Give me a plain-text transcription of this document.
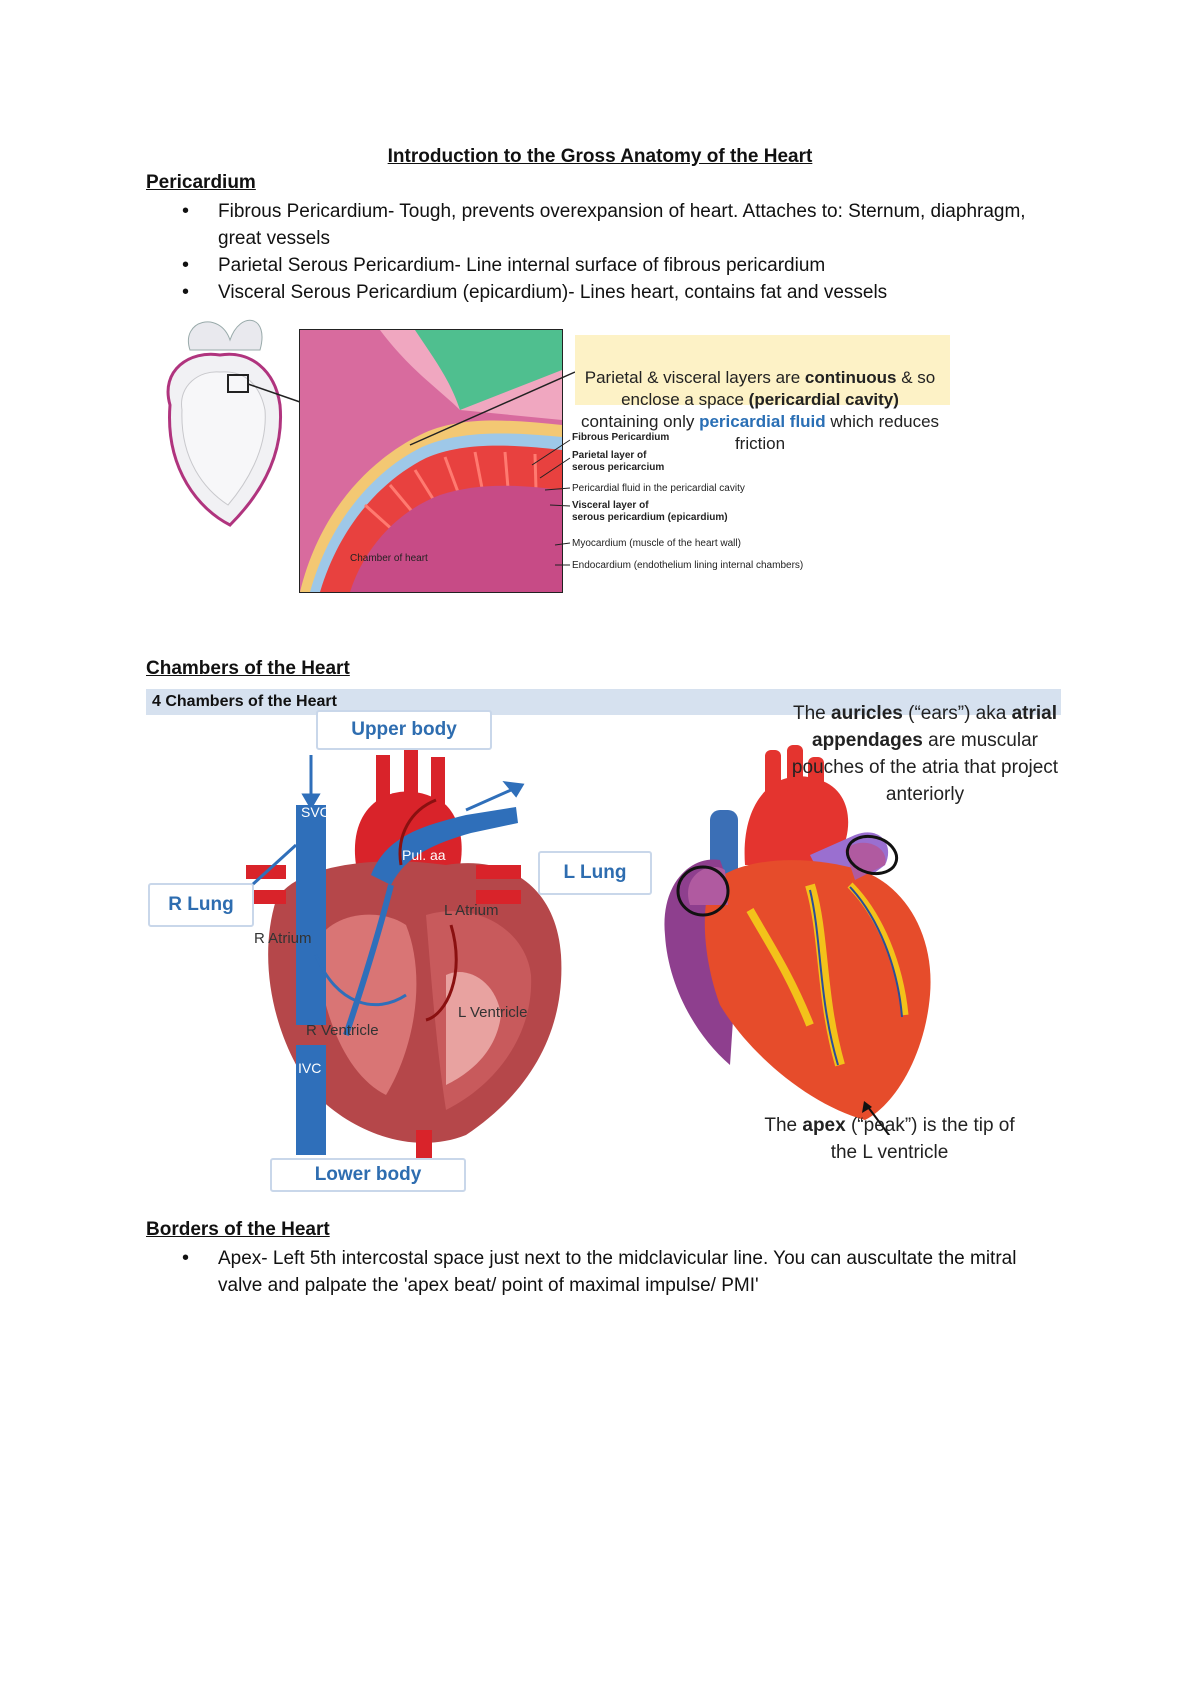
Introduction to the Gross Anatomy of the Heart
Pericardium
• Fibrous Pericardium- Tough, prevents overexpansion of heart. Attaches to: Sternum, diaphragm, great vessels
• Parietal Serous Pericardium- Line internal surface of fibrous pericardium
• Visceral Serous Pericardium (epicardium)- Lines heart, contains fat and vessels
Chamber of heart
Fibrous Pericardium
Parietal layer of
serous pericarcium
Pericardial fluid in the pericardial cavity
Visceral layer of
serous pericardium (epicardium)
Myocardium (muscle of the heart wall)
Endocardium (endothelium lining internal chambers)
Parietal & visceral layers are continuous & so enclose a space (pericardial cavity) containing only pericardial fluid which reduces friction
Chambers of the Heart
4 Chambers of the Heart
SVC
Pul. aa
L Atrium
R Atrium
L Ventricle
R Ventricle
IVC
Upper body
R Lung
L Lung
Lower body
The auricles (“ears”) aka atrial appendages are muscular pouches of the atria that project anteriorly
The apex (“peak”) is the tip of the L ventricle
Borders of the Heart
• Apex- Left 5th intercostal space just next to the midclavicular line. You can auscultate the mitral valve and palpate the 'apex beat/ point of maximal impulse/ PMI'
